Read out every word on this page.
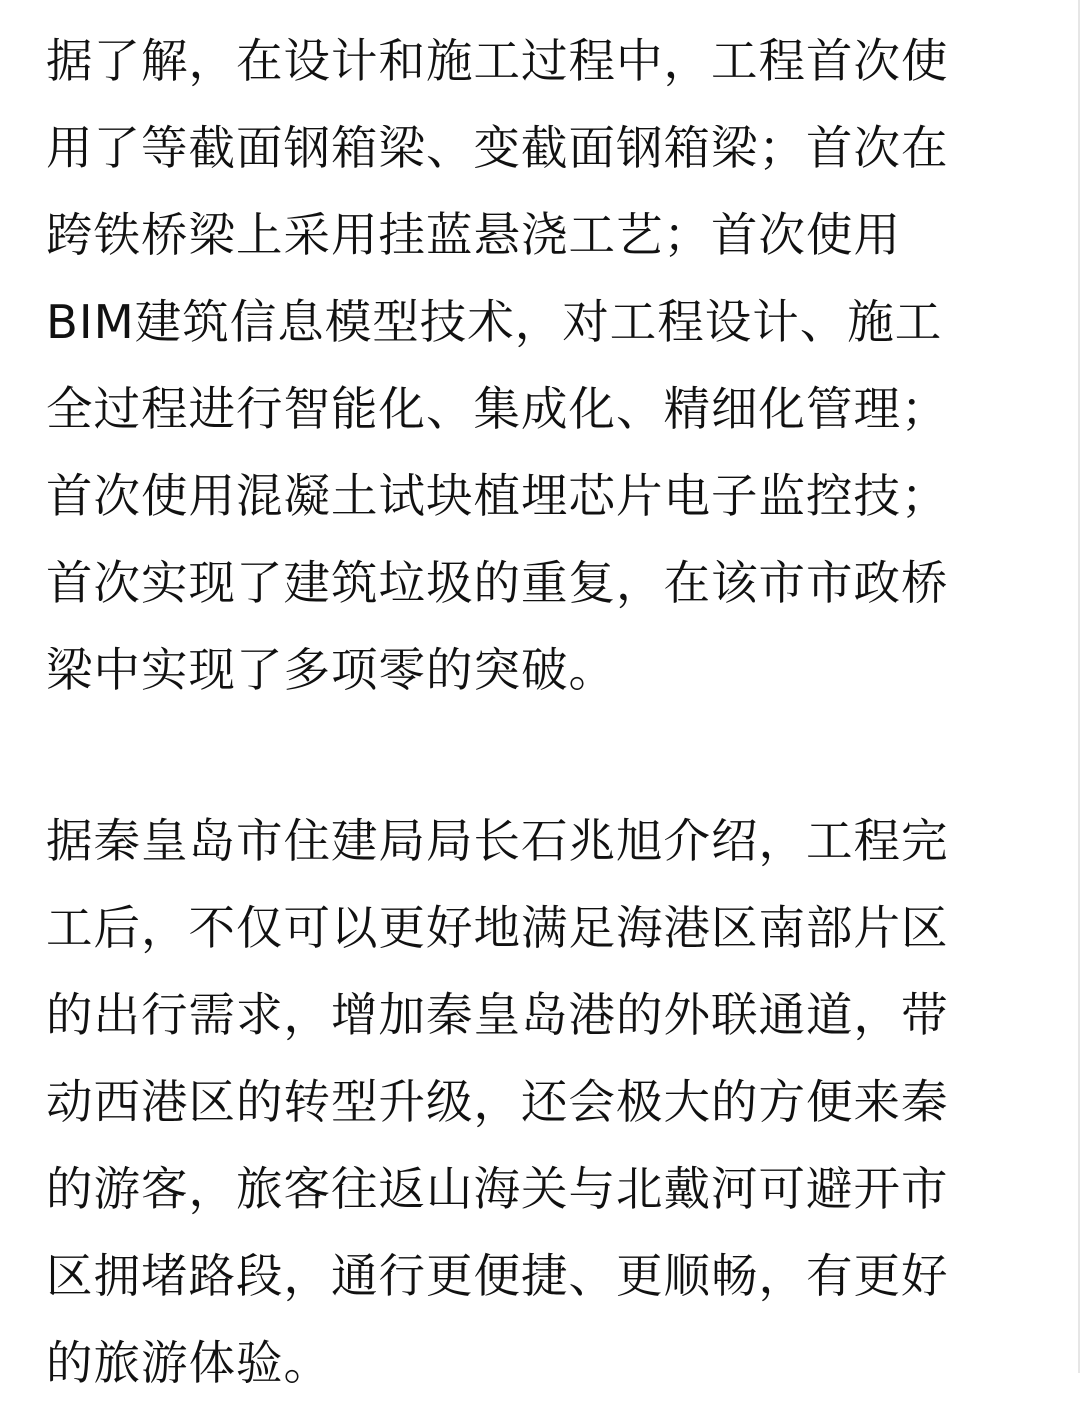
据了解，在设计和施工过程中，工程首次使
用了等截面钢箱梁、变截面钢箱梁；首次在
跨铁桥梁上采用挂蓝悬浇工艺；首次使用
BIM建筑信息模型技术，对工程设计、施工
全过程进行智能化、集成化、精细化管理；
首次使用混凝土试块植埋芯片电子监控技；
首次实现了建筑垃圾的重复，在该市市政桥
梁中实现了多项零的突破。
据秦皇岛市住建局局长石兆旭介绍，工程完
工后，不仅可以更好地满足海港区南部片区
的出行需求，增加秦皇岛港的外联通道，带
动西港区的转型升级，还会极大的方便来秦
的游客，旅客往返山海关与北戴河可避开市
区拥堵路段，通行更便捷、更顺畅，有更好
的旅游体验。
